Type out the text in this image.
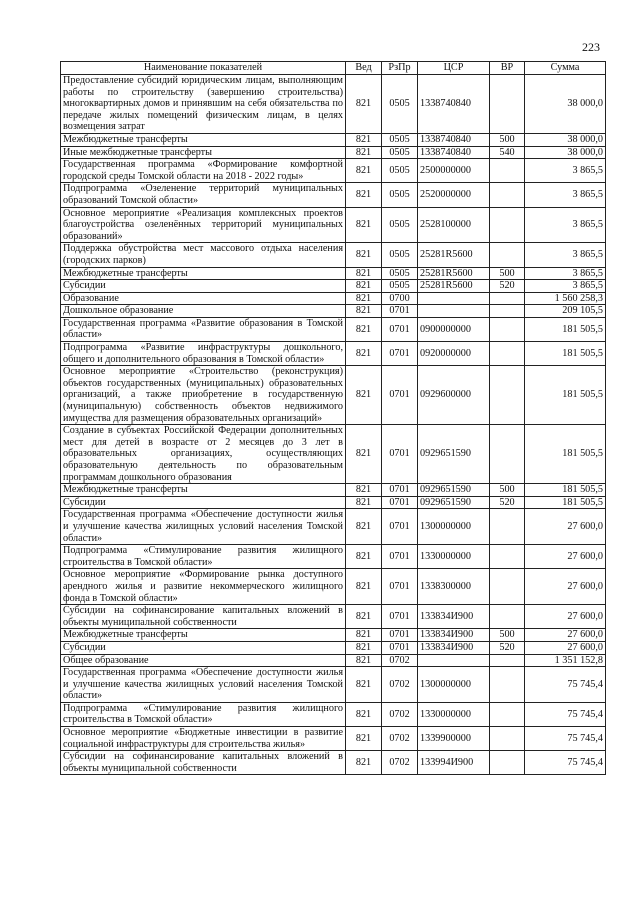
223
Наименование показателей	Вед	РзПр	ЦСР	ВР	Сумма
Предоставление субсидий юридическим лицам, выполняющим работы по строительству (завершению строительства) многоквартирных домов и принявшим на себя обязательства по передаче жилых помещений физическим лицам, в целях возмещения затрат	821	0505	1338740840		38 000,0
Межбюджетные трансферты	821	0505	1338740840	500	38 000,0
Иные межбюджетные трансферты	821	0505	1338740840	540	38 000,0
Государственная программа «Формирование комфортной городской среды Томской области на 2018 - 2022 годы»	821	0505	2500000000		3 865,5
Подпрограмма «Озеленение территорий муниципальных образований Томской области»	821	0505	2520000000		3 865,5
Основное мероприятие «Реализация комплексных проектов благоустройства озеленённых территорий муниципальных образований»	821	0505	2528100000		3 865,5
Поддержка обустройства мест массового отдыха населения (городских парков)	821	0505	25281R5600		3 865,5
Межбюджетные трансферты	821	0505	25281R5600	500	3 865,5
Субсидии	821	0505	25281R5600	520	3 865,5
Образование	821	0700			1 560 258,3
Дошкольное образование	821	0701			209 105,5
Государственная программа «Развитие образования в Томской области»	821	0701	0900000000		181 505,5
Подпрограмма «Развитие инфраструктуры дошкольного, общего и дополнительного образования в Томской области»	821	0701	0920000000		181 505,5
Основное мероприятие «Строительство (реконструкция) объектов государственных (муниципальных) образовательных организаций, а также приобретение в государственную (муниципальную) собственность объектов недвижимого имущества для размещения образовательных организаций»	821	0701	0929600000		181 505,5
Создание в субъектах Российской Федерации дополнительных мест для детей в возрасте от 2 месяцев до 3 лет в образовательных организациях, осуществляющих образовательную деятельность по образовательным программам дошкольного образования	821	0701	0929651590		181 505,5
Межбюджетные трансферты	821	0701	0929651590	500	181 505,5
Субсидии	821	0701	0929651590	520	181 505,5
Государственная программа «Обеспечение доступности жилья и улучшение качества жилищных условий населения Томской области»	821	0701	1300000000		27 600,0
Подпрограмма «Стимулирование развития жилищного строительства в Томской области»	821	0701	1330000000		27 600,0
Основное мероприятие «Формирование рынка доступного арендного жилья и развитие некоммерческого жилищного фонда в Томской области»	821	0701	1338300000		27 600,0
Субсидии на софинансирование капитальных вложений в объекты муниципальной собственности	821	0701	133834И900		27 600,0
Межбюджетные трансферты	821	0701	133834И900	500	27 600,0
Субсидии	821	0701	133834И900	520	27 600,0
Общее образование	821	0702			1 351 152,8
Государственная программа «Обеспечение доступности жилья и улучшение качества жилищных условий населения Томской области»	821	0702	1300000000		75 745,4
Подпрограмма «Стимулирование развития жилищного строительства в Томской области»	821	0702	1330000000		75 745,4
Основное мероприятие «Бюджетные инвестиции в развитие социальной инфраструктуры для строительства жилья»	821	0702	1339900000		75 745,4
Субсидии на софинансирование капитальных вложений в объекты муниципальной собственности	821	0702	133994И900		75 745,4
